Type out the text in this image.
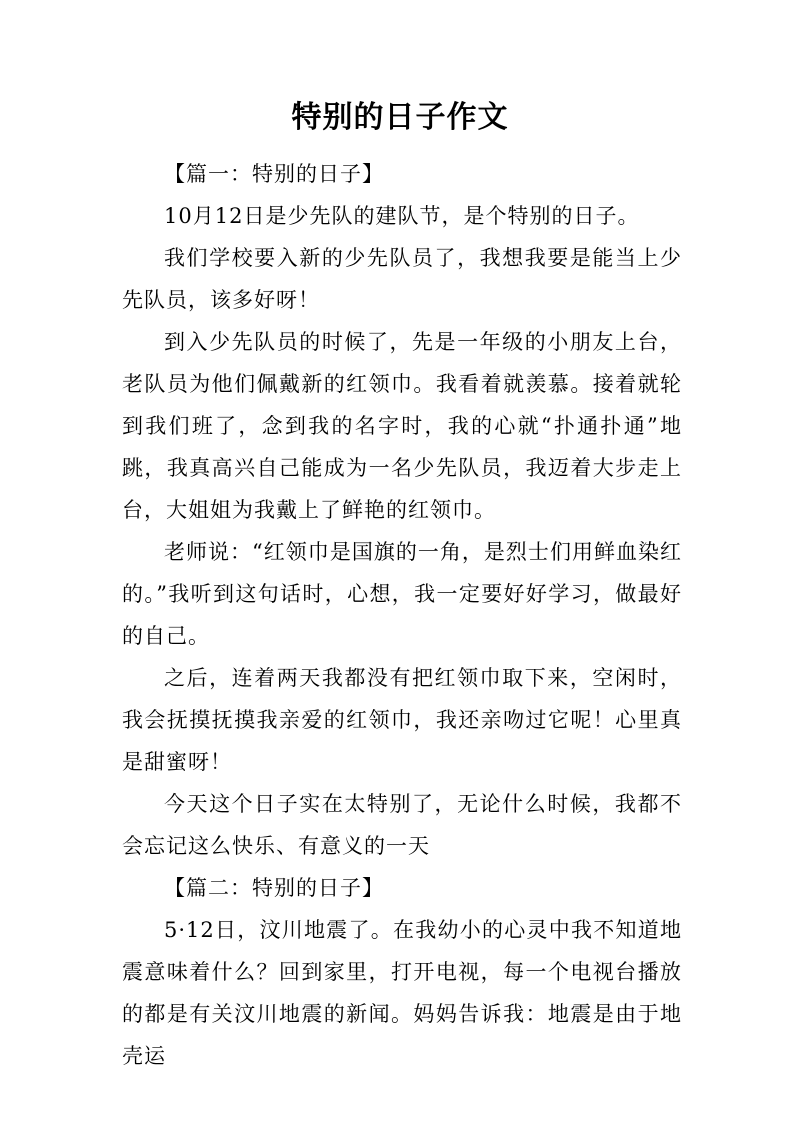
特别的日子作文

【篇一：特别的日子】

10月12日是少先队的建队节，是个特别的日子。

我们学校要入新的少先队员了，我想我要是能当上少先队员，该多好呀！

到入少先队员的时候了，先是一年级的小朋友上台，老队员为他们佩戴新的红领巾。我看着就羡慕。接着就轮到我们班了，念到我的名字时，我的心就“扑通扑通”地跳，我真高兴自己能成为一名少先队员，我迈着大步走上台，大姐姐为我戴上了鲜艳的红领巾。

老师说：“红领巾是国旗的一角，是烈士们用鲜血染红的。”我听到这句话时，心想，我一定要好好学习，做最好的自己。

之后，连着两天我都没有把红领巾取下来，空闲时，我会抚摸抚摸我亲爱的红领巾，我还亲吻过它呢！心里真是甜蜜呀！

今天这个日子实在太特别了，无论什么时候，我都不会忘记这么快乐、有意义的一天

【篇二：特别的日子】

5·12日，汶川地震了。在我幼小的心灵中我不知道地震意味着什么？回到家里，打开电视，每一个电视台播放的都是有关汶川地震的新闻。妈妈告诉我：地震是由于地壳运
